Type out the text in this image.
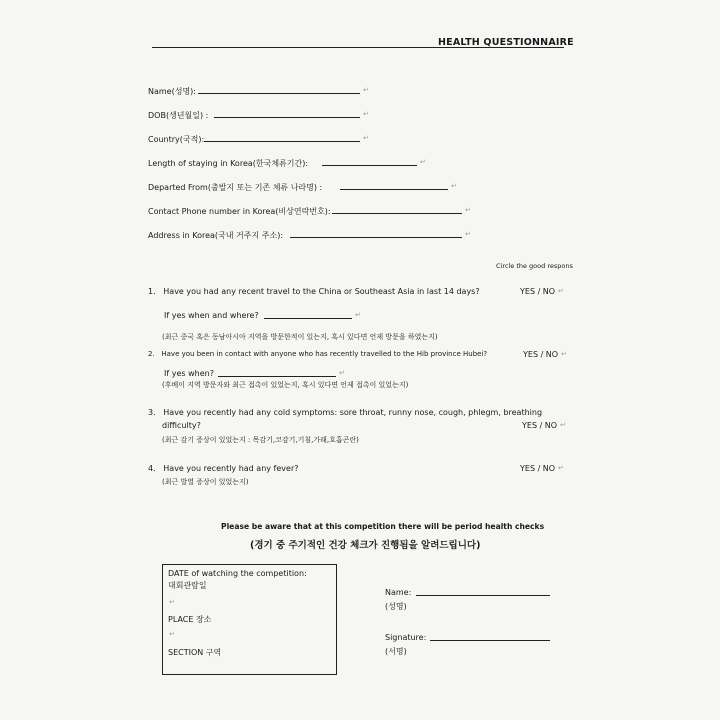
HEALTH QUESTIONNAIRE
Name(성명):	↵
DOB(생년월일) :	↵
Country(국적):	↵
Length of staying in Korea(한국체류기간):	↵
Departed From(출발지 또는 기존 체류 나라명) :	↵
Contact Phone number in Korea(비상연락번호):	↵
Address in Korea(국내 거주지 주소):	↵
Circle the good respons
1. Have you had any recent travel to the China or Southeast Asia in last 14 days?	YES / NO ↵
If yes when and where?	↵
(최근 중국 혹은 동남아시아 지역을 방문한적이 있는지, 혹시 있다면 언제 방문을 하였는지)
2. Have you been in contact with anyone who has recently travelled to the Hib province Hubei?	YES / NO ↵
If yes when?	↵
(후베이 지역 방문자와 최근 접촉이 있었는지, 혹시 있다면 언제 접촉이 있었는지)
3. Have you recently had any cold symptoms: sore throat, runny nose, cough, phlegm, breathing
difficulty?	YES / NO ↵
(최근 감기 증상이 있었는지 : 목감기,코감기,기침,가래,호흡곤란)
4. Have you recently had any fever?	YES / NO ↵
(최근 발열 증상이 있었는지)
Please be aware that at this competition there will be period health checks
(경기 중 주기적인 건강 체크가 진행됨을 알려드립니다)
DATE of watching the competition:
대회관람일
↵
PLACE 장소
↵
SECTION 구역
Name:
(성명)
Signature:
(서명)
